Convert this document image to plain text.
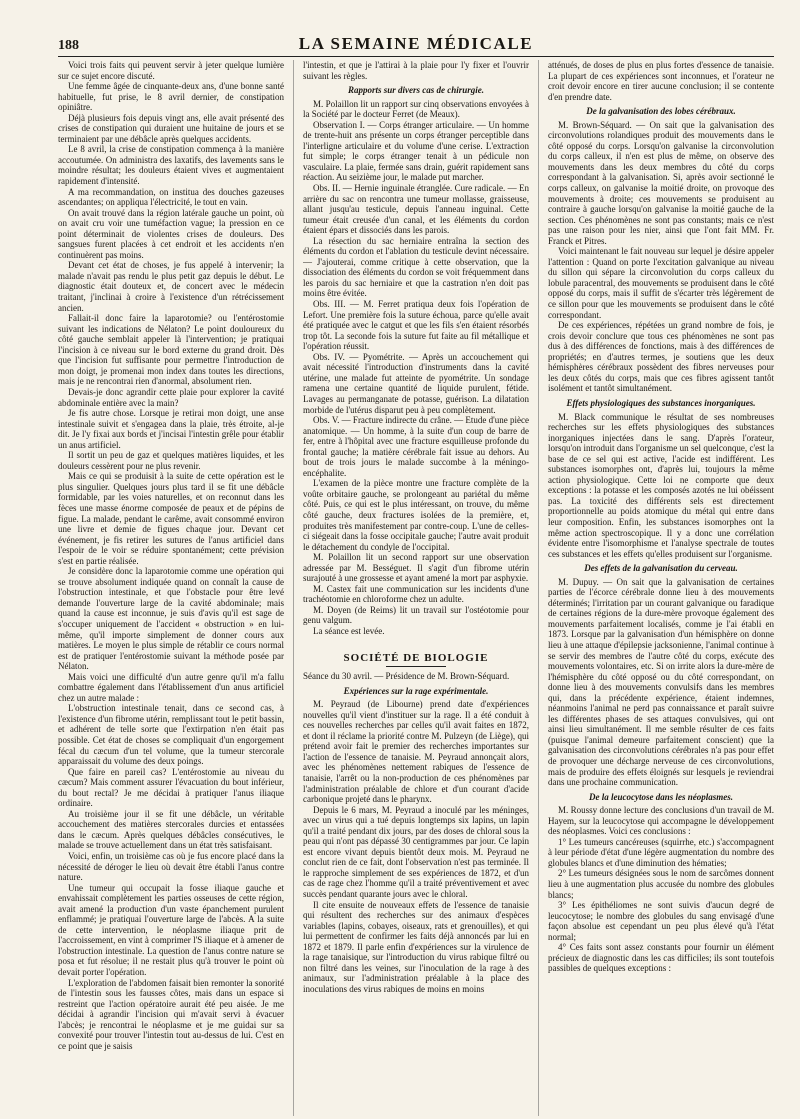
188	LA SEMAINE MÉDICALE

Voici trois faits qui peuvent servir à jeter quelque lumière sur ce sujet encore discuté.

Une femme âgée de cinquante-deux ans, d'une bonne santé habituelle, fut prise, le 8 avril dernier, de constipation opiniâtre.

Déjà plusieurs fois depuis vingt ans, elle avait présenté des crises de constipation qui duraient une huitaine de jours et se terminaient par une débâcle après quelques accidents.

Le 8 avril, la crise de constipation commença à la manière accoutumée. On administra des laxatifs, des lavements sans le moindre résultat; les douleurs étaient vives et augmentaient rapidement d'intensité.

A ma recommandation, on institua des douches gazeuses ascendantes; on appliqua l'électricité, le tout en vain.

On avait trouvé dans la région latérale gauche un point, où on avait cru voir une tuméfaction vague; la pression en ce point déterminait de violentes crises de douleurs. Des sangsues furent placées à cet endroit et les accidents n'en continuèrent pas moins.

Devant cet état de choses, je fus appelé à intervenir; la malade n'avait pas rendu le plus petit gaz depuis le début. Le diagnostic était douteux et, de concert avec le médecin traitant, j'inclinai à croire à l'existence d'un rétrécissement ancien.

Fallait-il donc faire la laparotomie? ou l'entérostomie suivant les indications de Nélaton? Le point douloureux du côté gauche semblait appeler là l'intervention; je pratiquai l'incision à ce niveau sur le bord externe du grand droit. Dès que l'incision fut suffisante pour permettre l'introduction de mon doigt, je promenai mon index dans toutes les directions, mais je ne rencontrai rien d'anormal, absolument rien.

Devais-je donc agrandir cette plaie pour explorer la cavité abdominale entière avec la main?

Je fis autre chose. Lorsque je retirai mon doigt, une anse intestinale suivit et s'engagea dans la plaie, très étroite, al-je dit. Je l'y fixai aux bords et j'incisai l'intestin grêle pour établir un anus artificiel.

Il sortit un peu de gaz et quelques matières liquides, et les douleurs cessèrent pour ne plus revenir.

Mais ce qui se produisit à la suite de cette opération est le plus singulier. Quelques jours plus tard il se fit une débâcle formidable, par les voies naturelles, et on reconnut dans les fèces une masse énorme composée de peaux et de pépins de figue. La malade, pendant le carême, avait consommé environ une livre et demie de figues chaque jour. Devant cet événement, je fis retirer les sutures de l'anus artificiel dans l'espoir de le voir se réduire spontanément; cette prévision s'est en partie réalisée.

Je considère donc la laparotomie comme une opération qui se trouve absolument indiquée quand on connaît la cause de l'obstruction intestinale, et que l'obstacle pour être levé demande l'ouverture large de la cavité abdominale; mais quand la cause est inconnue, je suis d'avis qu'il est sage de s'occuper uniquement de l'accident « obstruction » en lui-même, qu'il importe simplement de donner cours aux matières. Le moyen le plus simple de rétablir ce cours normal est de pratiquer l'entérostomie suivant la méthode posée par Nélaton.

Mais voici une difficulté d'un autre genre qu'il m'a fallu combattre également dans l'établissement d'un anus artificiel chez un autre malade :

L'obstruction intestinale tenait, dans ce second cas, à l'existence d'un fibrome utérin, remplissant tout le petit bassin, et adhérent de telle sorte que l'extirpation n'en était pas possible. Cet état de choses se compliquait d'un engorgement fécal du cæcum d'un tel volume, que la tumeur stercorale apparaissait du volume des deux poings.

Que faire en pareil cas? L'entérostomie au niveau du cæcum? Mais comment assurer l'évacuation du bout inférieur, du bout rectal? Je me décidai à pratiquer l'anus iliaque ordinaire.

Au troisième jour il se fit une débâcle, un véritable accouchement des matières stercorales durcies et entassées dans le cæcum. Après quelques débâcles consécutives, le malade se trouve actuellement dans un état très satisfaisant.

Voici, enfin, un troisième cas où je fus encore placé dans la nécessité de déroger le lieu où devait être établi l'anus contre nature.

Une tumeur qui occupait la fosse iliaque gauche et envahissait complètement les parties osseuses de cette région, avait amené la production d'un vaste épanchement purulent enflammé; je pratiquai l'ouverture large de l'abcès. A la suite de cette intervention, le néoplasme iliaque prit de l'accroissement, en vint à comprimer l'S iliaque et à amener de l'obstruction intestinale. La question de l'anus contre nature se posa et fut résolue; il ne restait plus qu'à trouver le point où devait porter l'opération.

L'exploration de l'abdomen faisait bien remonter la sonorité de l'intestin sous les fausses côtes, mais dans un espace si restreint que l'action opératoire aurait été peu aisée. Je me décidai à agrandir l'incision qui m'avait servi à évacuer l'abcès; je rencontrai le néoplasme et je me guidai sur sa convexité pour trouver l'intestin tout au-dessus de lui. C'est en ce point que je saisis

l'intestin, et que je l'attirai à la plaie pour l'y fixer et l'ouvrir suivant les règles.

Rapports sur divers cas de chirurgie.

M. Polaillon lit un rapport sur cinq observations envoyées à la Société par le docteur Ferret (de Meaux).

Observation I. — Corps étranger articulaire. — Un homme de trente-huit ans présente un corps étranger perceptible dans l'interligne articulaire et du volume d'une cerise. L'extraction fut simple; le corps étranger tenait à un pédicule non vasculaire. La plaie, fermée sans drain, guérit rapidement sans réaction. Au seizième jour, le malade put marcher.

Obs. II. — Hernie inguinale étranglée. Cure radicale. — En arrière du sac on rencontra une tumeur mollasse, graisseuse, allant jusqu'au testicule, depuis l'anneau inguinal. Cette tumeur était creusée d'un canal, et les éléments du cordon étaient épars et dissociés dans les parois.

La résection du sac herniaire entraîna la section des éléments du cordon et l'ablation du testicule devint nécessaire. — J'ajouterai, comme critique à cette observation, que la dissociation des éléments du cordon se voit fréquemment dans les parois du sac herniaire et que la castration n'en doit pas moins être évitée.

Obs. III. — M. Ferret pratiqua deux fois l'opération de Lefort. Une première fois la suture échoua, parce qu'elle avait été pratiquée avec le catgut et que les fils s'en étaient résorbés trop tôt. La seconde fois la suture fut faite au fil métallique et l'opération réussit.

Obs. IV. — Pyométrite. — Après un accouchement qui avait nécessité l'introduction d'instruments dans la cavité utérine, une malade fut atteinte de pyométrite. Un sondage ramena une certaine quantité de liquide purulent, fétide. Lavages au permanganate de potasse, guérison. La dilatation morbide de l'utérus disparut peu à peu complètement.

Obs. V. — Fracture indirecte du crâne. — Etude d'une pièce anatomique. — Un homme, à la suite d'un coup de barre de fer, entre à l'hôpital avec une fracture esquilleuse profonde du frontal gauche; la matière cérébrale fait issue au dehors. Au bout de trois jours le malade succombe à la méningo-encéphalite.

L'examen de la pièce montre une fracture complète de la voûte orbitaire gauche, se prolongeant au pariétal du même côté. Puis, ce qui est le plus intéressant, on trouve, du même côté gauche, deux fractures isolées de la première, et, produites très manifestement par contre-coup. L'une de celles-ci siégeait dans la fosse occipitale gauche; l'autre avait produit le détachement du condyle de l'occipital.

M. Polaillon lit un second rapport sur une observation adressée par M. Bességuet. Il s'agit d'un fibrome utérin surajouté à une grossesse et ayant amené la mort par asphyxie.

M. Castex fait une communication sur les incidents d'une trachéotomie en chloroforme chez un adulte.

M. Doyen (de Reims) lit un travail sur l'ostéotomie pour genu valgum.

La séance est levée.

SOCIÉTÉ DE BIOLOGIE

Séance du 30 avril. — Présidence de M. Brown-Séquard.

Expériences sur la rage expérimentale.

M. Peyraud (de Libourne) prend date d'expériences nouvelles qu'il vient d'instituer sur la rage. Il a été conduit à ces nouvelles recherches par celles qu'il avait faites en 1872, et dont il réclame la priorité contre M. Pulzeyn (de Liège), qui prétend avoir fait le premier des recherches importantes sur l'action de l'essence de tanaisie. M. Peyraud annonçait alors, avec les phénomènes nettement rabiques de l'essence de tanaisie, l'arrêt ou la non-production de ces phénomènes par l'administration préalable de chlore et d'un courant d'acide carbonique projeté dans le pharynx.

Depuis le 6 mars, M. Peyraud a inoculé par les méninges, avec un virus qui a tué depuis longtemps six lapins, un lapin qu'il a traité pendant dix jours, par des doses de chloral sous la peau qui n'ont pas dépassé 30 centigrammes par jour. Ce lapin est encore vivant depuis bientôt deux mois. M. Peyraud ne conclut rien de ce fait, dont l'observation n'est pas terminée. Il le rapproche simplement de ses expériences de 1872, et d'un cas de rage chez l'homme qu'il a traité préventivement et avec succès pendant quarante jours avec le chloral.

Il cite ensuite de nouveaux effets de l'essence de tanaisie qui résultent des recherches sur des animaux d'espèces variables (lapins, cobayes, oiseaux, rats et grenouilles), et qui lui permettent de confirmer les faits déjà annoncés par lui en 1872 et 1879. Il parle enfin d'expériences sur la virulence de la rage tanaisique, sur l'introduction du virus rabique filtré ou non filtré dans les veines, sur l'inoculation de la rage à des animaux, sur l'administration préalable à la place des inoculations des virus rabiques de moins en moins

atténués, de doses de plus en plus fortes d'essence de tanaisie. La plupart de ces expériences sont inconnues, et l'orateur ne croit devoir encore en tirer aucune conclusion; il se contente d'en prendre date.

De la galvanisation des lobes cérébraux.

M. Brown-Séquard. — On sait que la galvanisation des circonvolutions rolandiques produit des mouvements dans le côté opposé du corps. Lorsqu'on galvanise la circonvolution du corps calleux, il n'en est plus de même, on observe des mouvements dans les deux membres du côté du corps correspondant à la galvanisation. Si, après avoir sectionné le corps calleux, on galvanise la moitié droite, on provoque des mouvements à droite; ces mouvements se produisent au contraire à gauche lorsqu'on galvanise la moitié gauche de la section. Ces phénomènes ne sont pas constants; mais ce n'est pas une raison pour les nier, ainsi que l'ont fait MM. Fr. Franck et Pitres.

Voici maintenant le fait nouveau sur lequel je désire appeler l'attention : Quand on porte l'excitation galvanique au niveau du sillon qui sépare la circonvolution du corps calleux du lobule paracentral, des mouvements se produisent dans le côté opposé du corps, mais il suffit de s'écarter très légèrement de ce sillon pour que les mouvements se produisent dans le côté correspondant.

De ces expériences, répétées un grand nombre de fois, je crois devoir conclure que tous ces phénomènes ne sont pas dus à des différences de fonctions, mais à des différences de propriétés; en d'autres termes, je soutiens que les deux hémisphères cérébraux possèdent des fibres nerveuses pour les deux côtés du corps, mais que ces fibres agissent tantôt isolément et tantôt simultanément.

Effets physiologiques des substances inorganiques.

M. Black communique le résultat de ses nombreuses recherches sur les effets physiologiques des substances inorganiques injectées dans le sang. D'après l'orateur, lorsqu'on introduit dans l'organisme un sel quelconque, c'est la base de ce sel qui est active, l'acide est indifférent. Les substances isomorphes ont, d'après lui, toujours la même action physiologique. Cette loi ne comporte que deux exceptions : la potasse et les composés azotés ne lui obéissent pas. La toxicité des différents sels est directement proportionnelle au poids atomique du métal qui entre dans leur composition. Enfin, les substances isomorphes ont la même action spectroscopique. Il y a donc une corrélation évidente entre l'isomorphisme et l'analyse spectrale de toutes ces substances et les effets qu'elles produisent sur l'organisme.

Des effets de la galvanisation du cerveau.

M. Dupuy. — On sait que la galvanisation de certaines parties de l'écorce cérébrale donne lieu à des mouvements déterminés; l'irritation par un courant galvanique ou faradique de certaines régions de la dure-mère provoque également des mouvements parfaitement localisés, comme je l'ai établi en 1873. Lorsque par la galvanisation d'un hémisphère on donne lieu à une attaque d'épilepsie jacksonienne, l'animal continue à se servir des membres de l'autre côté du corps, exécute des mouvements volontaires, etc. Si on irrite alors la dure-mère de l'hémisphère du côté opposé ou du côté correspondant, on donne lieu à des mouvements convulsifs dans les membres qui, dans la précédente expérience, étaient indemnes, néanmoins l'animal ne perd pas connaissance et paraît suivre les différentes phases de ses attaques convulsives, qui ont ainsi lieu simultanément. Il me semble résulter de ces faits (puisque l'animal demeure parfaitement conscient) que la galvanisation des circonvolutions cérébrales n'a pas pour effet de provoquer une décharge nerveuse de ces circonvolutions, mais de produire des effets éloignés sur lesquels je reviendrai dans une prochaine communication.

De la leucocytose dans les néoplasmes.

M. Roussy donne lecture des conclusions d'un travail de M. Hayem, sur la leucocytose qui accompagne le développement des néoplasmes. Voici ces conclusions :

1° Les tumeurs cancéreuses (squirrhe, etc.) s'accompagnent à leur période d'état d'une légère augmentation du nombre des globules blancs et d'une diminution des hématies;

2° Les tumeurs désignées sous le nom de sarcômes donnent lieu à une augmentation plus accusée du nombre des globules blancs;

3° Les épithéliomes ne sont suivis d'aucun degré de leucocytose; le nombre des globules du sang envisagé d'une façon absolue est cependant un peu plus élevé qu'à l'état normal;

4° Ces faits sont assez constants pour fournir un élément précieux de diagnostic dans les cas difficiles; ils sont toutefois passibles de quelques exceptions :
